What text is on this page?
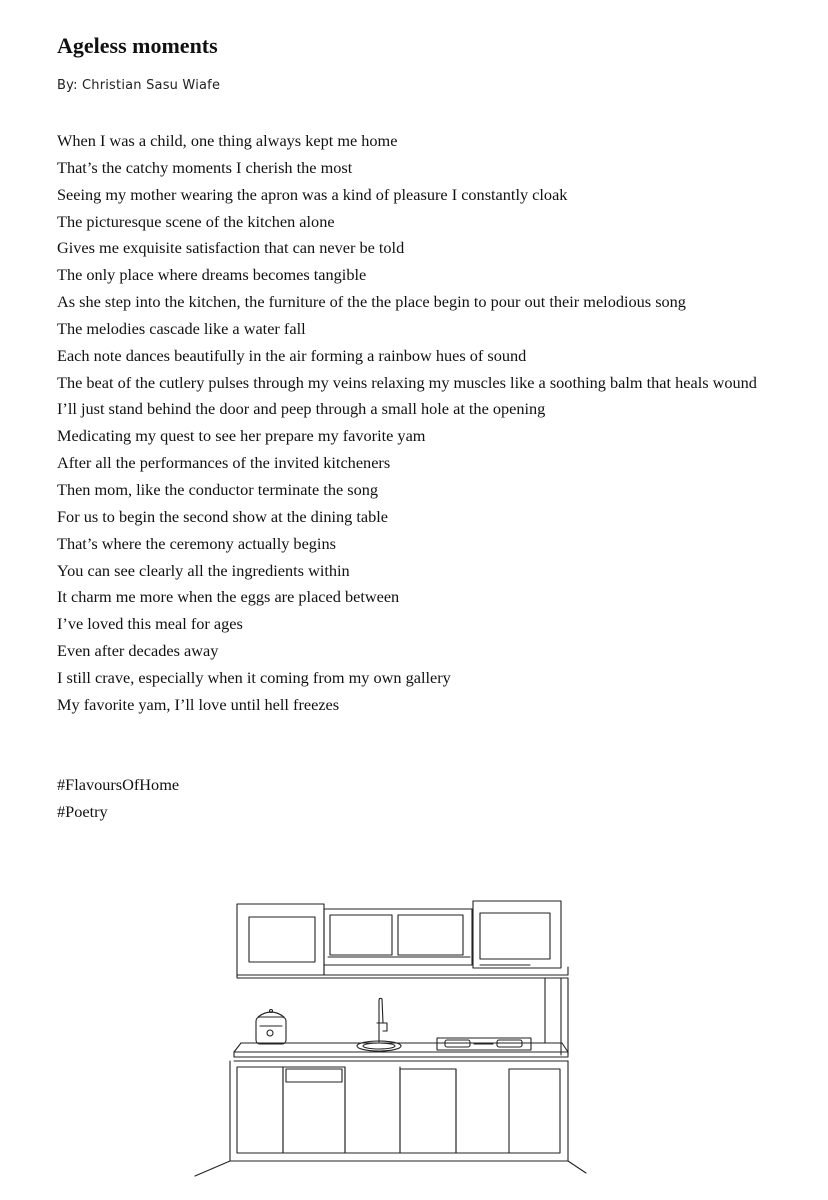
Ageless moments

By: Christian Sasu Wiafe

When I was a child, one thing always kept me home
That’s the catchy moments I cherish the most
Seeing my mother wearing the apron was a kind of pleasure I constantly cloak
The picturesque scene of the kitchen alone
Gives me exquisite satisfaction that can never be told
The only place where dreams becomes tangible
As she step into the kitchen, the furniture of the the place begin to pour out their melodious song
The melodies cascade like a water fall
Each note dances beautifully in the air forming a rainbow hues of sound
The beat of the cutlery pulses through my veins relaxing my muscles like a soothing balm that heals wound
I’ll just stand behind the door and peep through a small hole at the opening
Medicating my quest to see her prepare my favorite yam
After all the performances of the invited kitcheners
Then mom, like the conductor terminate the song
For us to begin the second show at the dining table
That’s where the ceremony actually begins
You can see clearly all the ingredients within
It charm me more when the eggs are placed between
I’ve loved this meal for ages
Even after decades away
I still crave, especially when it coming from my own gallery
My favorite yam, I’ll love until hell freezes
#FlavoursOfHome
#Poetry
